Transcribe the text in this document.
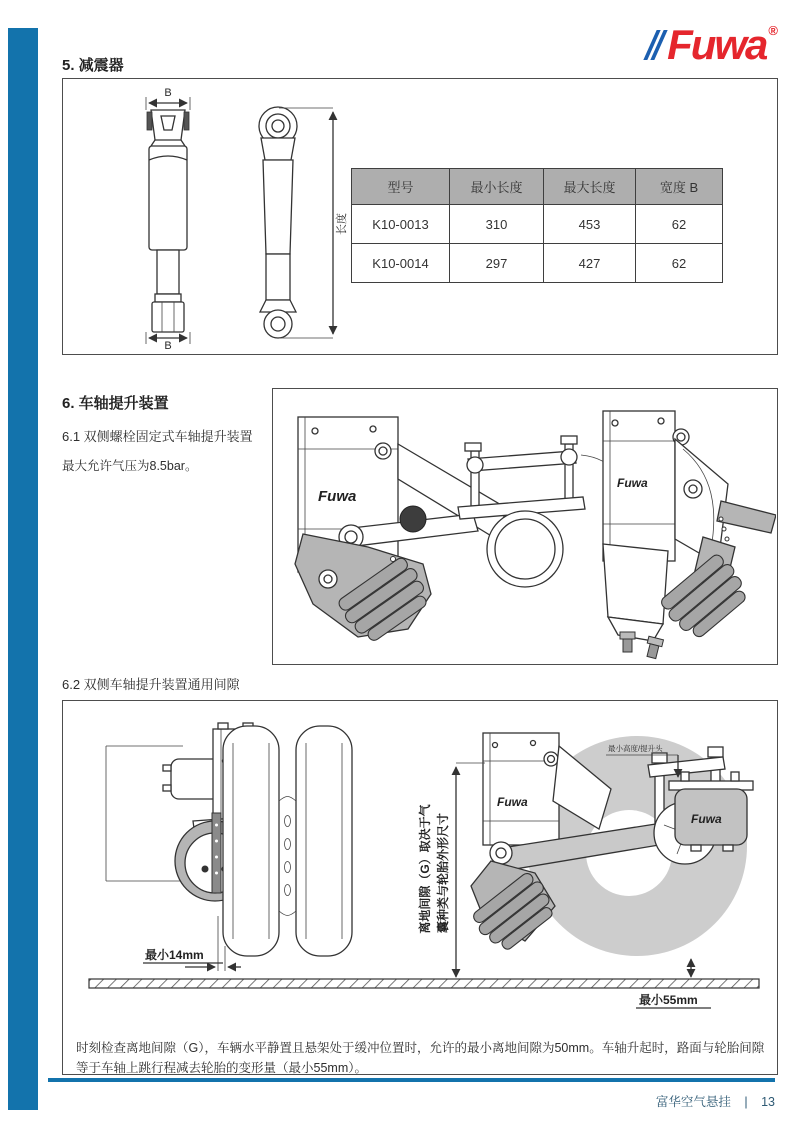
Fuwa ®
5. 减震器
B
B
长度
型号	最小长度	最大长度	宽度 B
K10-0013	310	453	62
K10-0014	297	427	62
6. 车轴提升装置
6.1 双侧螺栓固定式车轴提升装置

最大允许气压为8.5bar。

Fuwa
Fuwa
6.2 双侧车轴提升装置通用间隙
Fuwa
Fuwa
最小高度/提升头
离地间隙（G）取决于气 囊种类与轮胎外形尺寸
最小55mm
最小14mm

时刻检查离地间隙（G），车辆水平静置且悬架处于缓冲位置时，允许的最小离地间隙为50mm。车轴升起时，路面与轮胎间隙等于车轴上跳行程减去轮胎的变形量（最小55mm）。

富华空气悬挂 | 13
